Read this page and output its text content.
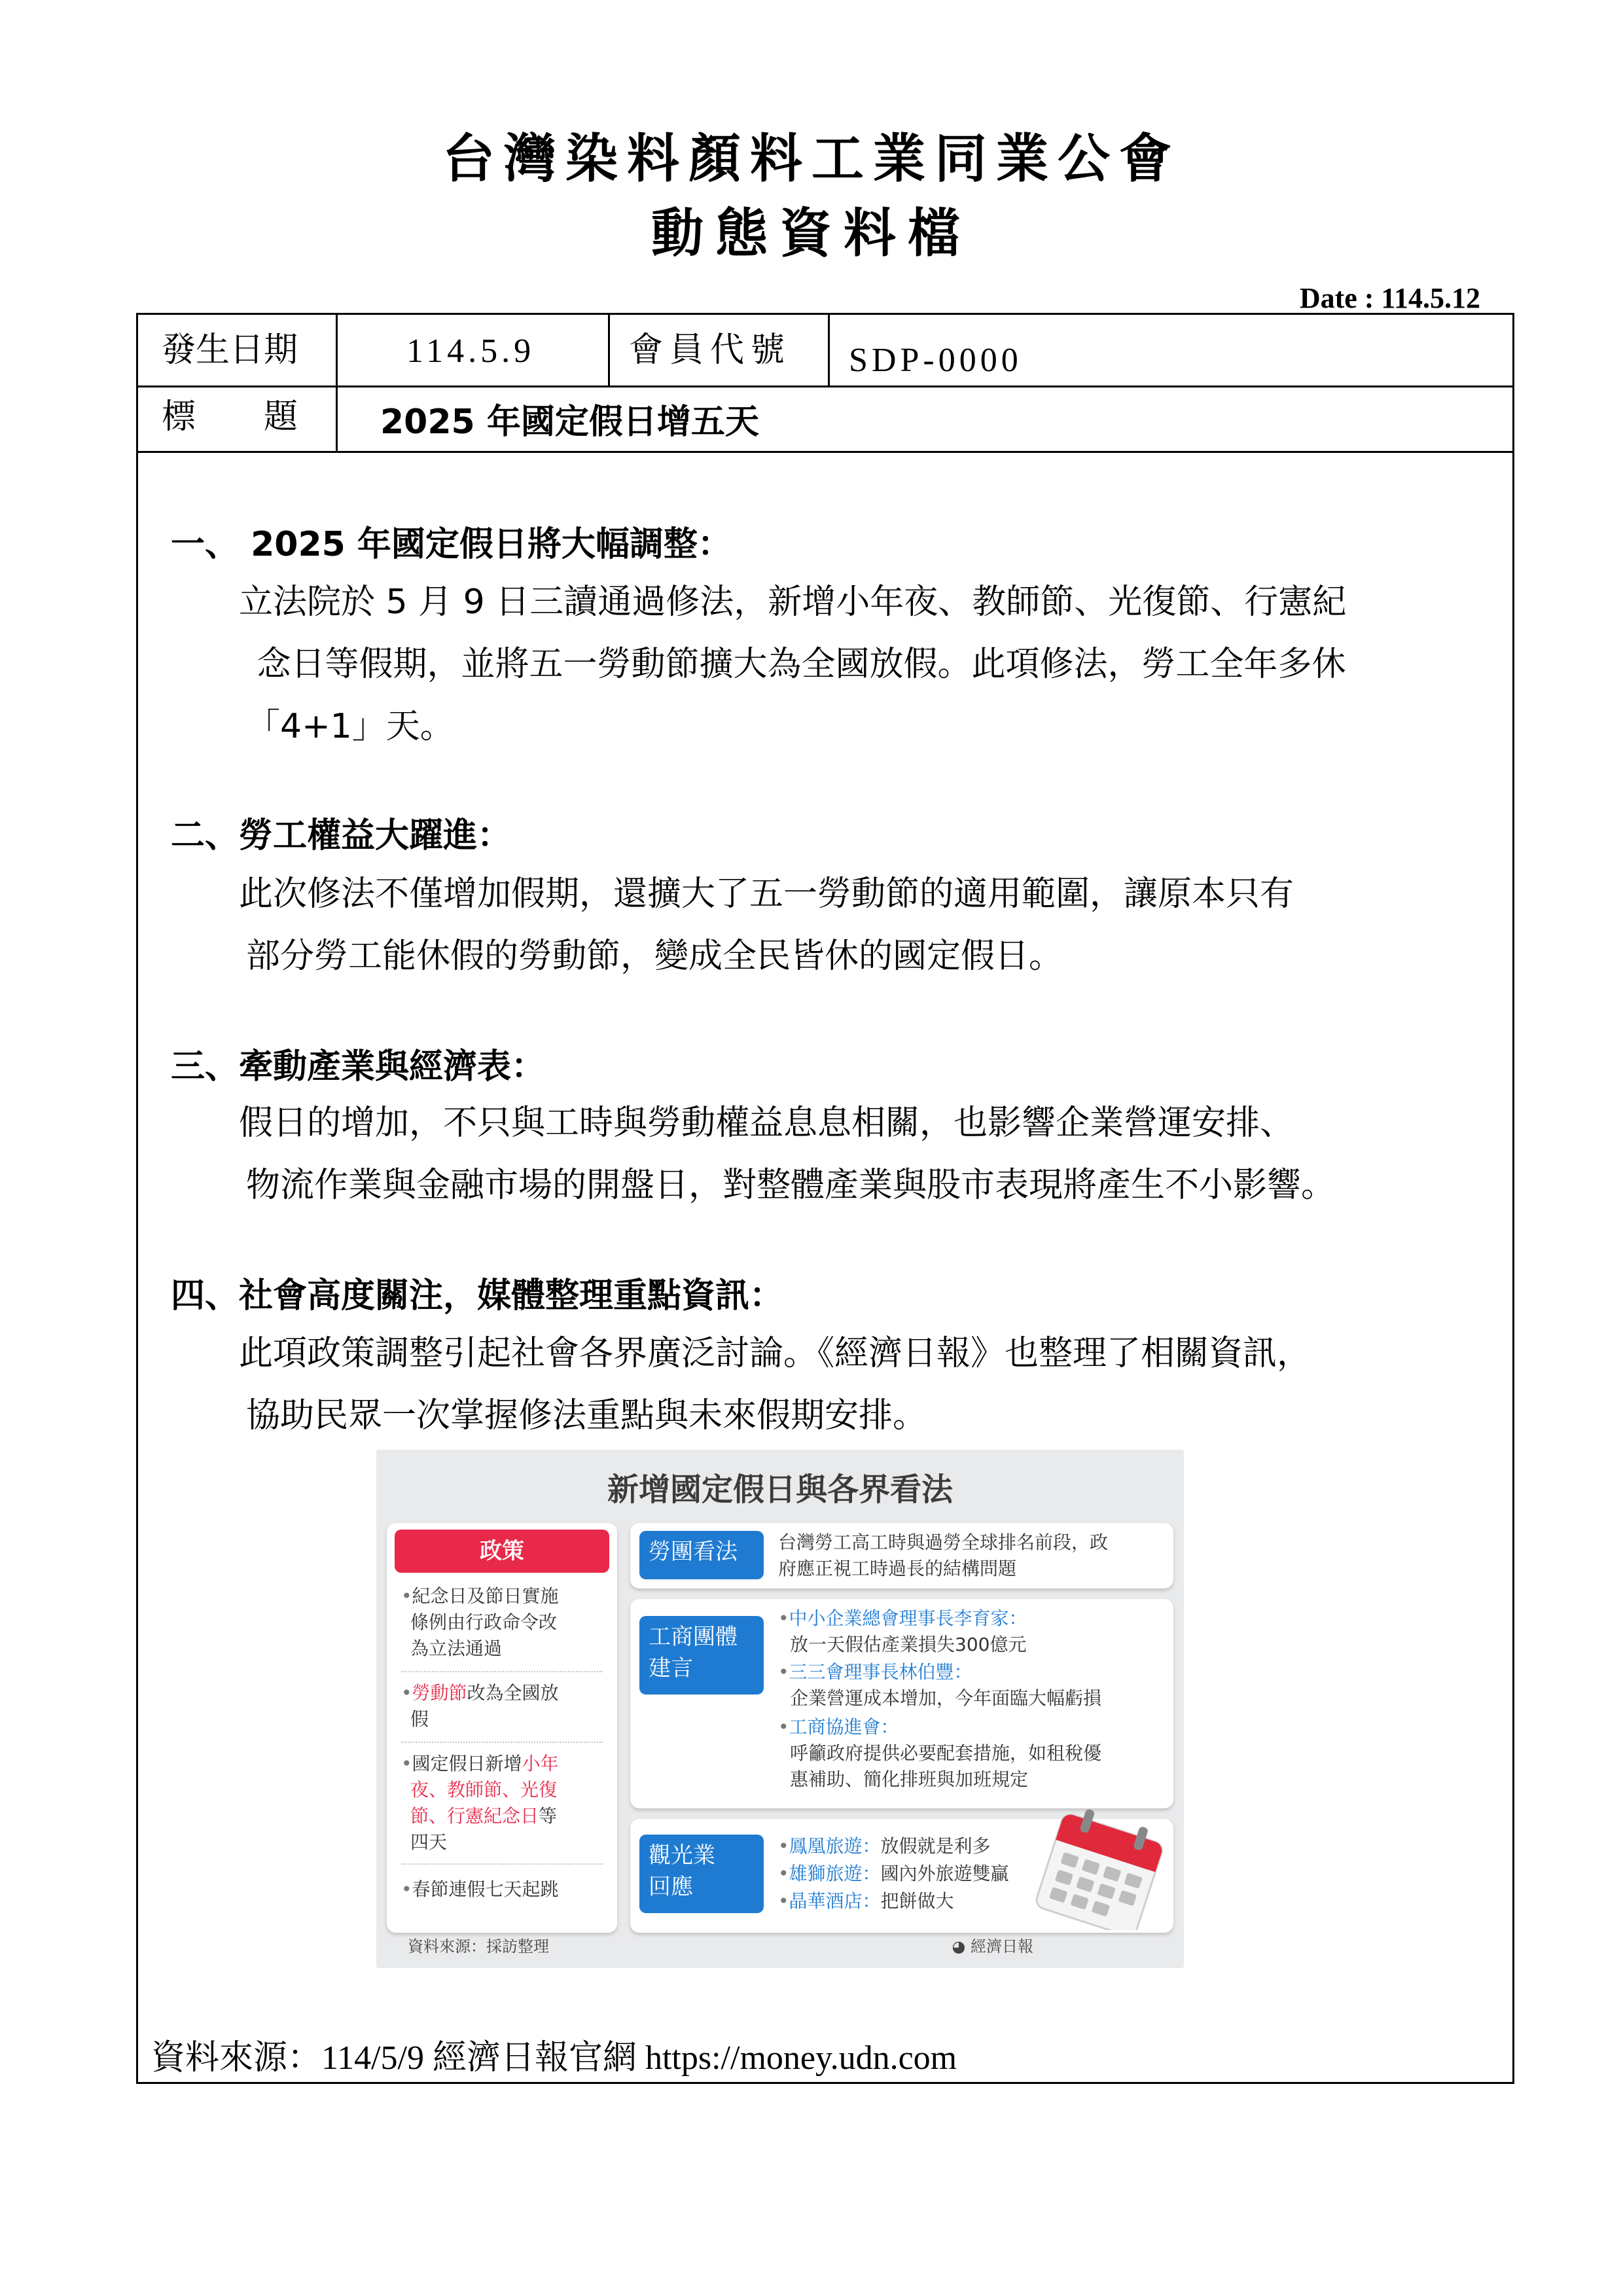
台灣染料顏料工業同業公會
動態資料檔
Date : 114.5.12
發生日期	114.5.9	會員代號 SDP-0000
標　　題 2025 年國定假日增五天
一、 2025 年國定假日將大幅調整：
　　立法院於 5 月 9 日三讀通過修法，新增小年夜、教師節、光復節、行憲紀
念日等假期，並將五一勞動節擴大為全國放假。此項修法，勞工全年多休
「4+1」天。
二、勞工權益大躍進：
　　此次修法不僅增加假期，還擴大了五一勞動節的適用範圍，讓原本只有
部分勞工能休假的勞動節，變成全民皆休的國定假日。
三、牽動產業與經濟表：
　　假日的增加，不只與工時與勞動權益息息相關，也影響企業營運安排、
物流作業與金融市場的開盤日，對整體產業與股市表現將產生不小影響。
四、社會高度關注，媒體整理重點資訊：
　　此項政策調整引起社會各界廣泛討論。《經濟日報》也整理了相關資訊，
協助民眾一次掌握修法重點與未來假期安排。
新增國定假日與各界看法
政策
•紀念日及節日實施
條例由行政命令改
為立法通過
•勞動節改為全國放
假
•國定假日新增小年
夜、教師節、光復
節、行憲紀念日等
四天
•春節連假七天起跳
勞團看法	台灣勞工高工時與過勞全球排名前段，政
府應正視工時過長的結構問題
工商團體
建言
•中小企業總會理事長李育家：
放一天假估產業損失300億元
•三三會理事長林伯豐：
企業營運成本增加，今年面臨大幅虧損
•工商協進會：
呼籲政府提供必要配套措施，如租稅優
惠補助、簡化排班與加班規定
觀光業
回應
•鳳凰旅遊：放假就是利多
•雄獅旅遊：國內外旅遊雙贏
•晶華酒店：把餅做大
資料來源：採訪整理	◕ 經濟日報
資料來源：114/5/9 經濟日報官網 https://money.udn.com
